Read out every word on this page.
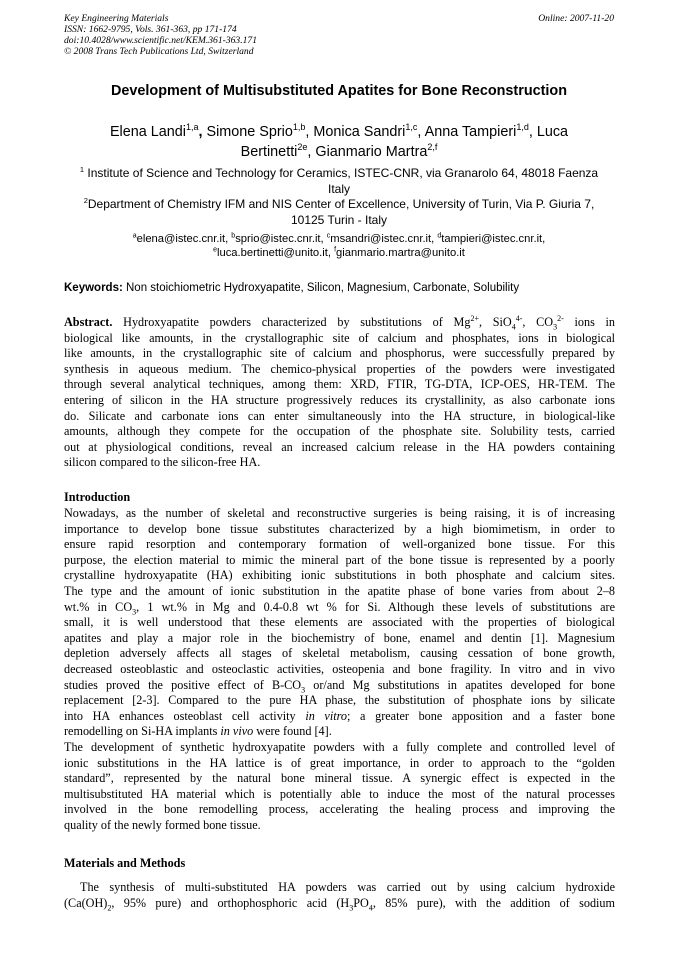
Key Engineering Materials
ISSN: 1662-9795, Vols. 361-363, pp 171-174
doi:10.4028/www.scientific.net/KEM.361-363.171
© 2008 Trans Tech Publications Ltd, Switzerland
Online: 2007-11-20
Development of Multisubstituted Apatites for Bone Reconstruction
Elena Landi$^{1,a}$, Simone Sprio$^{1,b}$, Monica Sandri$^{1,c}$, Anna Tampieri$^{1,d}$, Luca
Bertinetti$^{2e}$, Gianmario Martra$^{2,f}$
$^1$ Institute of Science and Technology for Ceramics, ISTEC-CNR, via Granarolo 64, 48018 Faenza
Italy
$^2$Department of Chemistry IFM and NIS Center of Excellence, University of Turin, Via P. Giuria 7,
10125 Turin - Italy
$^a$elena@istec.cnr.it, $^b$sprio@istec.cnr.it, $^c$msandri@istec.cnr.it, $^d$tampieri@istec.cnr.it,
$^e$luca.bertinetti@unito.it, $^f$gianmario.martra@unito.it
Keywords: Non stoichiometric Hydroxyapatite, Silicon, Magnesium, Carbonate, Solubility
Abstract. Hydroxyapatite powders characterized by substitutions of $Mg^{2+}$, SiO$_4^{4-}$, $CO_3^{2-}$ ions in
biological like amounts, in the crystallographic site of calcium and phosphates, ions in biological
like amounts, in the crystallographic site of calcium and phosphorus, were successfully prepared by
synthesis in aqueous medium. The chemico-physical properties of the powders were investigated
through several analytical techniques, among them: XRD, FTIR, TG-DTA, ICP-OES, HR-TEM. The
entering of silicon in the HA structure progressively reduces its crystallinity, as also carbonate ions
do. Silicate and carbonate ions can enter simultaneously into the HA structure, in biological-like
amounts, although they compete for the occupation of the phosphate site. Solubility tests, carried
out at physiological conditions, reveal an increased calcium release in the HA powders containing
silicon compared to the silicon-free HA.
Introduction
Nowadays, as the number of skeletal and reconstructive surgeries is being raising, it is of increasing
importance to develop bone tissue substitutes characterized by a high biomimetism, in order to
ensure rapid resorption and contemporary formation of well-organized bone tissue. For this
purpose, the election material to mimic the mineral part of the bone tissue is represented by a poorly
crystalline hydroxyapatite (HA) exhibiting ionic substitutions in both phosphate and calcium sites.
The type and the amount of ionic substitution in the apatite phase of bone varies from about 2–8
wt.% in $CO_3$, 1 wt.% in Mg and 0.4-0.8 wt % for Si. Although these levels of substitutions are
small, it is well understood that these elements are associated with the properties of biological
apatites and play a major role in the biochemistry of bone, enamel and dentin [1]. Magnesium
depletion adversely affects all stages of skeletal metabolism, causing cessation of bone growth,
decreased osteoblastic and osteoclastic activities, osteopenia and bone fragility. In vitro and in vivo
studies proved the positive effect of $B-CO_3$ or/and Mg substitutions in apatites developed for bone
replacement [2-3]. Compared to the pure HA phase, the substitution of phosphate ions by silicate
into HA enhances osteoblast cell activity in vitro; a greater bone apposition and a faster bone
remodelling on Si-HA implants in vivo were found [4].
The development of synthetic hydroxyapatite powders with a fully complete and controlled level of
ionic substitutions in the HA lattice is of great importance, in order to approach to the “golden
standard”, represented by the natural bone mineral tissue. A synergic effect is expected in the
multisubstituted HA material which is potentially able to induce the most of the natural processes
involved in the bone remodelling process, accelerating the healing process and improving the
quality of the newly formed bone tissue.
Materials and Methods
The synthesis of multi-substituted HA powders was carried out by using calcium hydroxide
($Ca(OH)_2$, 95% pure) and orthophosphoric acid ($H_3PO_4$, 85% pure), with the addition of sodium
